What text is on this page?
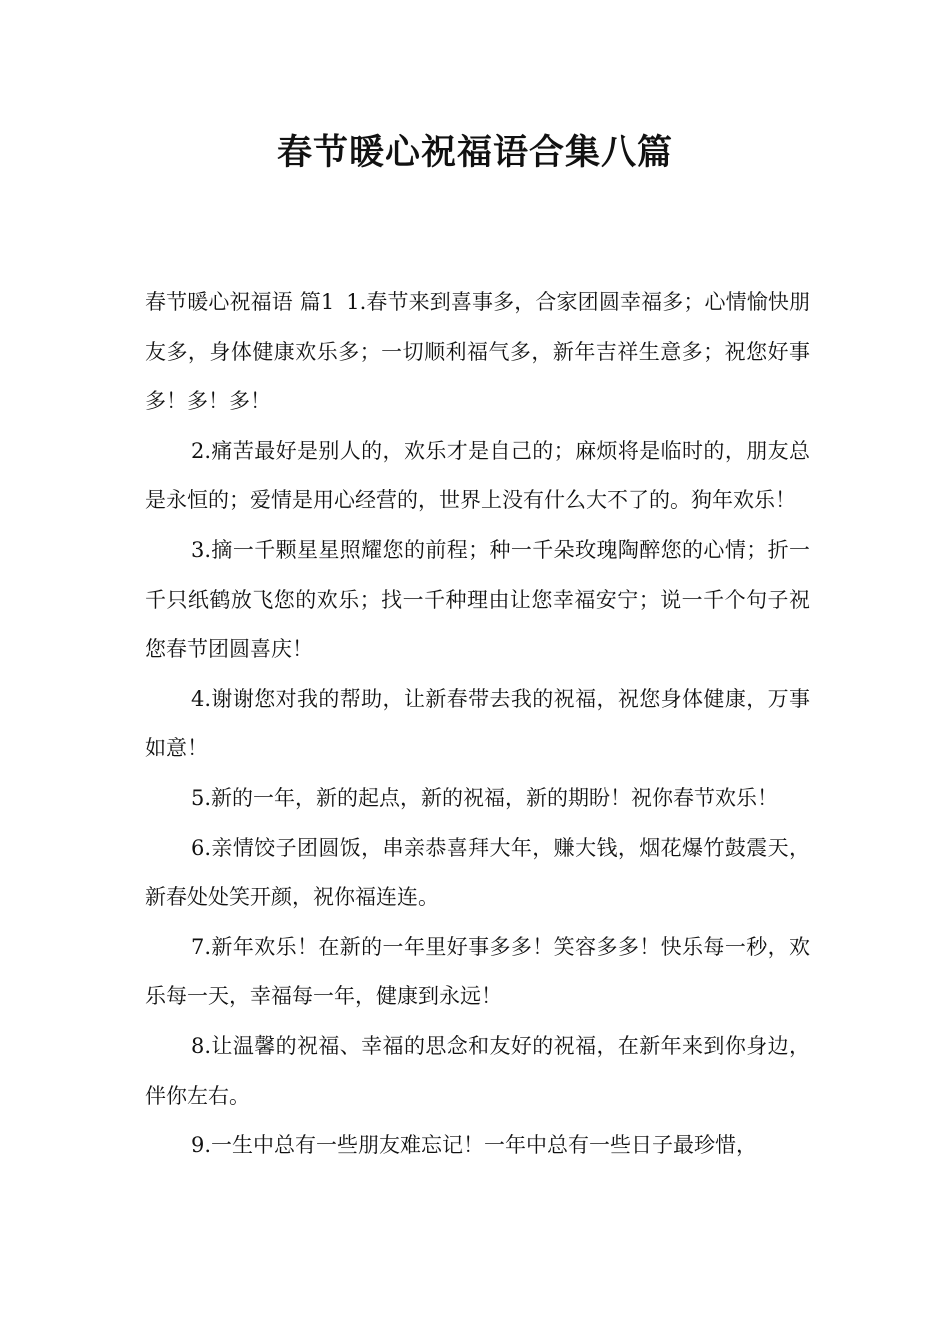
春节暖心祝福语合集八篇

春节暖心祝福语 篇1 1.春节来到喜事多，合家团圆幸福多；心情愉快朋友多，身体健康欢乐多；一切顺利福气多，新年吉祥生意多；祝您好事多！多！多！

2.痛苦最好是别人的，欢乐才是自己的；麻烦将是临时的，朋友总是永恒的；爱情是用心经营的，世界上没有什么大不了的。狗年欢乐！

3.摘一千颗星星照耀您的前程；种一千朵玫瑰陶醉您的心情；折一千只纸鹤放飞您的欢乐；找一千种理由让您幸福安宁；说一千个句子祝您春节团圆喜庆！

4.谢谢您对我的帮助，让新春带去我的祝福，祝您身体健康，万事如意！

5.新的一年，新的起点，新的祝福，新的期盼！祝你春节欢乐！

6.亲情饺子团圆饭，串亲恭喜拜大年，赚大钱，烟花爆竹鼓震天，新春处处笑开颜，祝你福连连。

7.新年欢乐！在新的一年里好事多多！笑容多多！快乐每一秒，欢乐每一天，幸福每一年，健康到永远！

8.让温馨的祝福、幸福的思念和友好的祝福，在新年来到你身边，伴你左右。

9.一生中总有一些朋友难忘记！一年中总有一些日子最珍惜，
